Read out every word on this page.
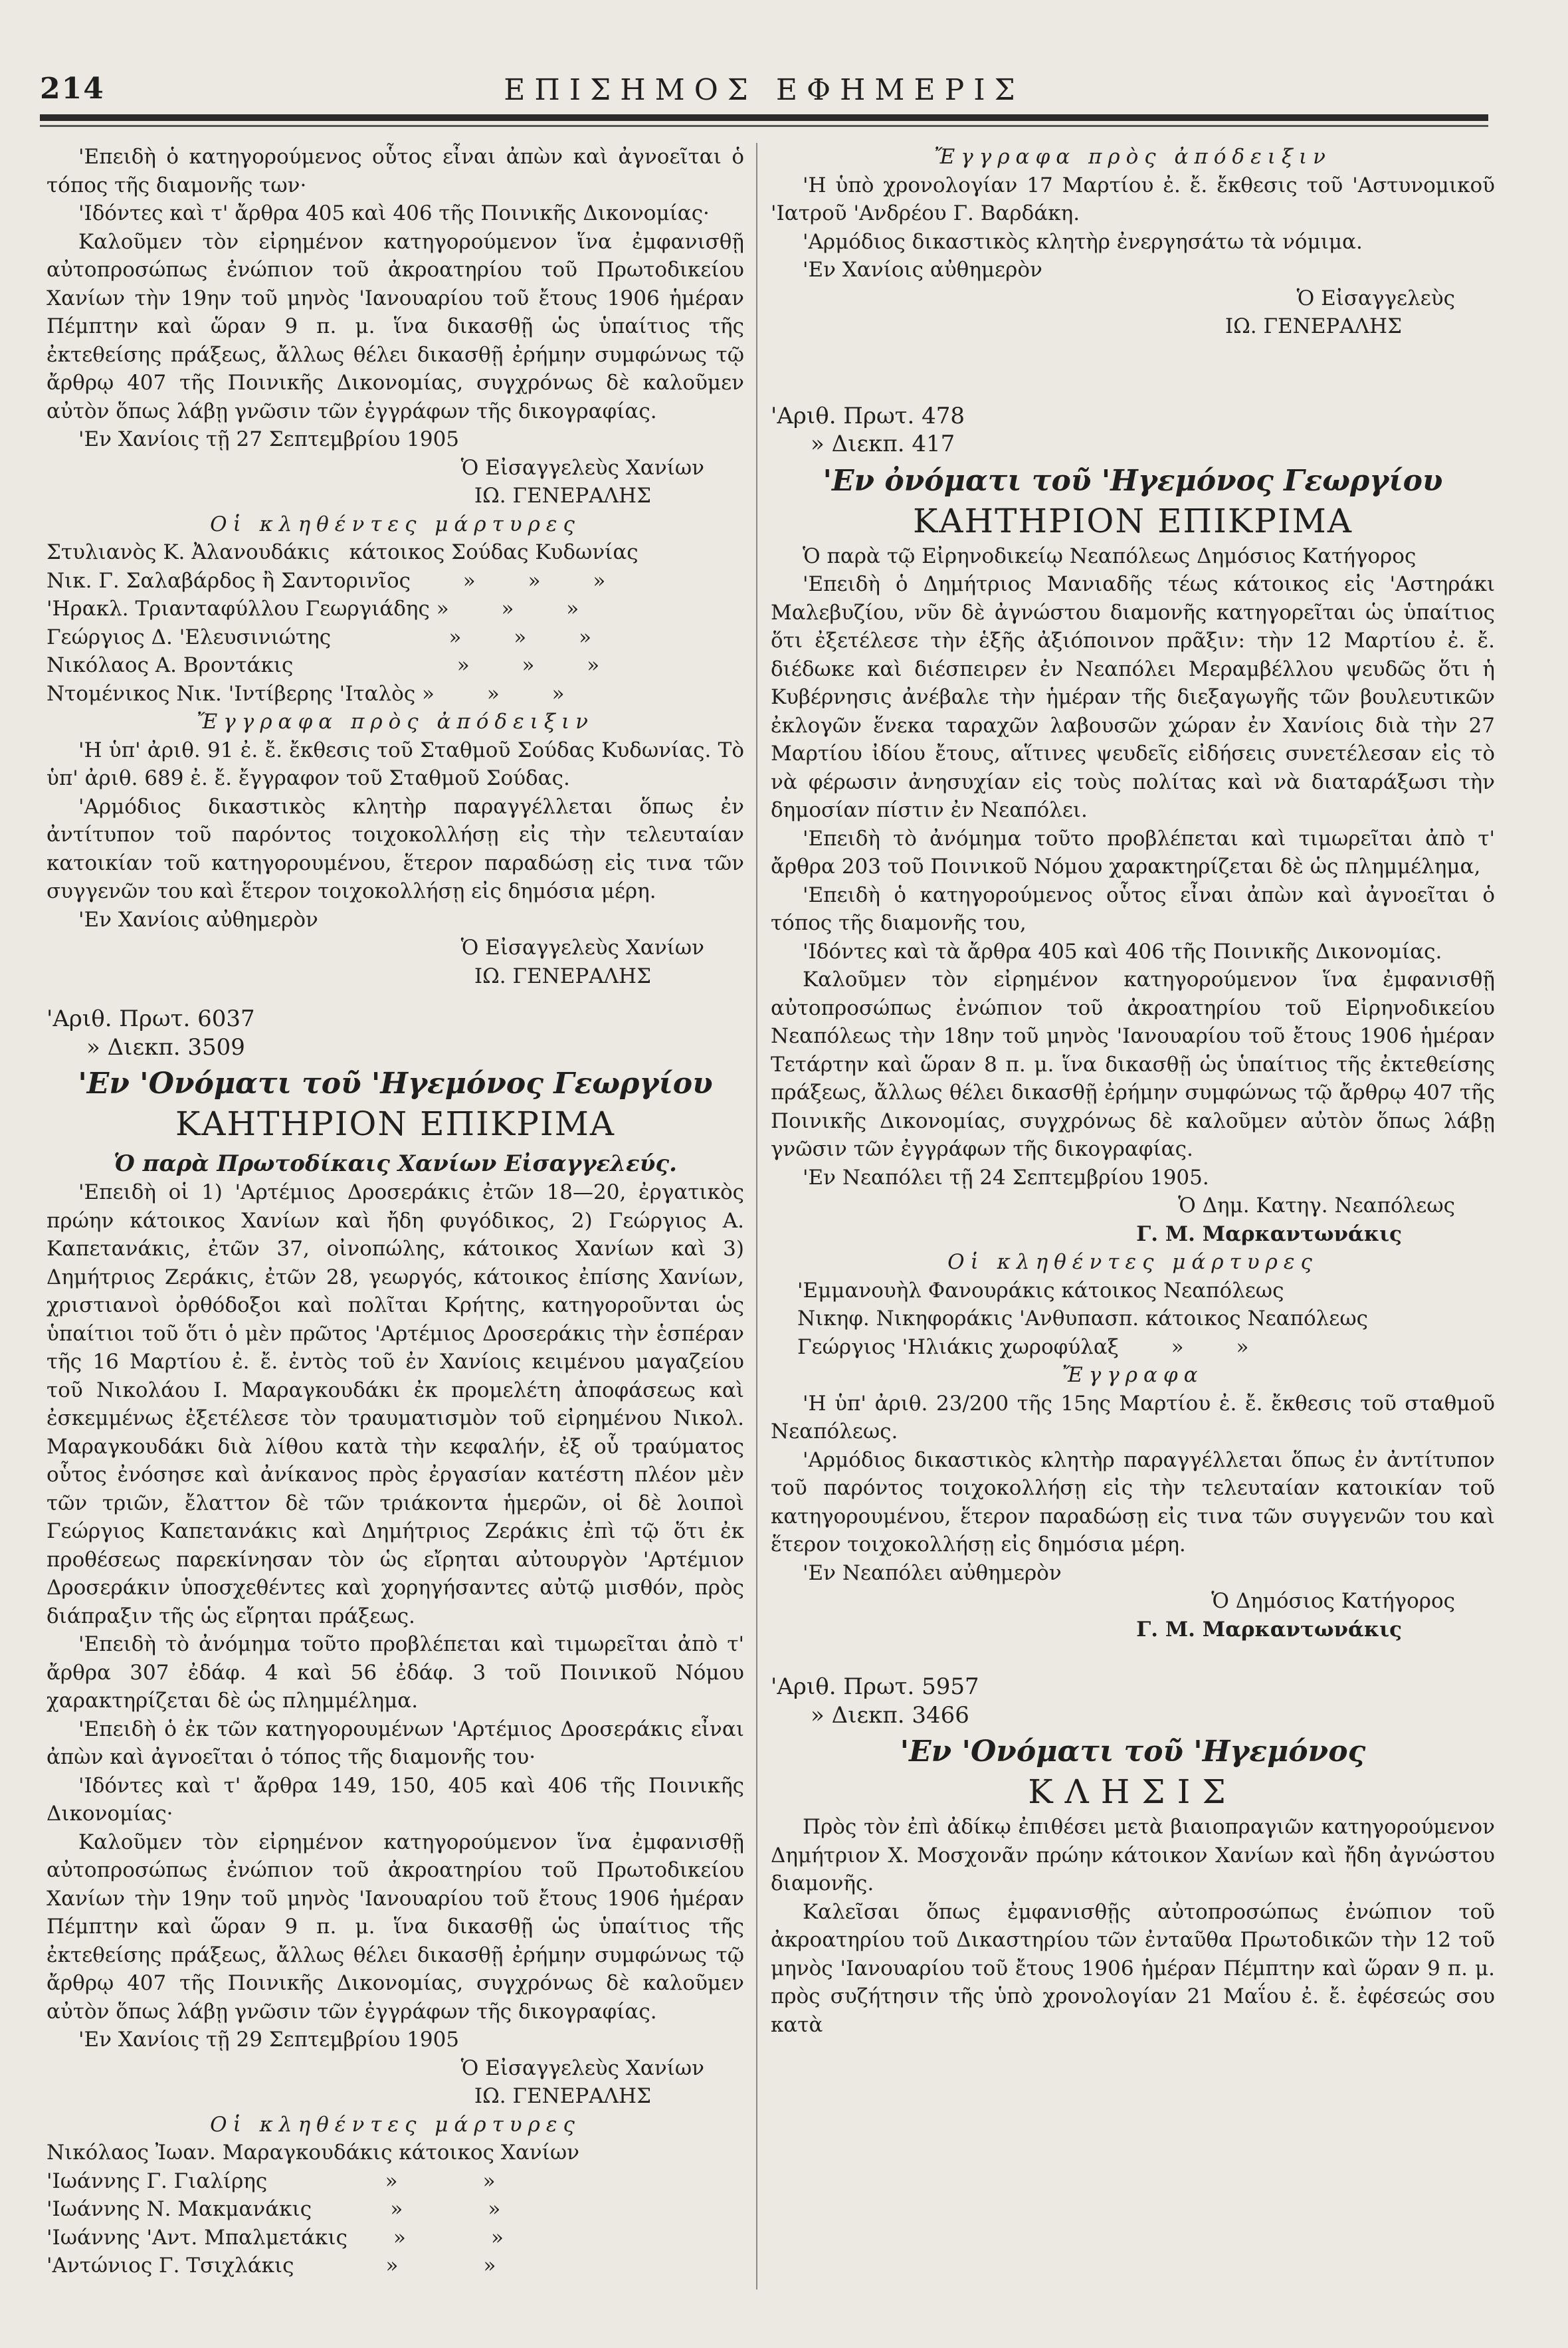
214	ΕΠΙΣΗΜΟΣ ΕΦΗΜΕΡΙΣ

'Επειδὴ ὁ κατηγορούμενος οὗτος εἶναι ἀπὼν καὶ ἀγνοεῖται ὁ τόπος τῆς διαμονῆς των·

'Ιδόντες καὶ τ' ἄρθρα 405 καὶ 406 τῆς Ποινικῆς Δικονομίας·

Καλοῦμεν τὸν εἰρημένον κατηγορούμενον ἵνα ἐμφανισθῇ αὐτοπροσώπως ἐνώπιον τοῦ ἀκροατηρίου τοῦ Πρωτοδικείου Χανίων τὴν 19ην τοῦ μηνὸς 'Ιανουαρίου τοῦ ἔτους 1906 ἡμέραν Πέμπτην καὶ ὥραν 9 π. μ. ἵνα δικασθῇ ὡς ὑπαίτιος τῆς ἐκτεθείσης πράξεως, ἄλλως θέλει δικασθῇ ἐρήμην συμφώνως τῷ ἄρθρῳ 407 τῆς Ποινικῆς Δικονομίας, συγχρόνως δὲ καλοῦμεν αὐτὸν ὅπως λάβῃ γνῶσιν τῶν ἐγγράφων τῆς δικογραφίας.

'Εν Χανίοις τῇ 27 Σεπτεμβρίου 1905

Ὁ Εἰσαγγελεὺς Χανίων

ΙΩ. ΓΕΝΕΡΑΛΗΣ

Οἱ κληθέντες μάρτυρες

Στυλιανὸς Κ. Ἀλανουδάκις   κάτοικος Σούδας Κυδωνίας

Νικ. Γ. Σαλαβάρδος ἢ Σαντορινῖος        »        »        »

'Ηρακλ. Τριανταφύλλου Γεωργιάδης »        »        »

Γεώργιος Δ. 'Ελευσινιώτης                  »        »        »

Νικόλαος Α. Βροντάκις                         »        »        »

Ντομένικος Νικ. 'Ιντίβερης 'Ιταλὸς »        »        »

Ἔγγραφα πρὸς ἀπόδειξιν

'Η ὑπ' ἀριθ. 91 ἐ. ἔ. ἔκθεσις τοῦ Σταθμοῦ Σούδας Κυδωνίας. Τὸ ὑπ' ἀριθ. 689 ἐ. ἔ. ἔγγραφον τοῦ Σταθμοῦ Σούδας.

'Αρμόδιος δικαστικὸς κλητὴρ παραγγέλλεται ὅπως ἐν ἀντίτυπον τοῦ παρόντος τοιχοκολλήσῃ εἰς τὴν τελευταίαν κατοικίαν τοῦ κατηγορουμένου, ἕτερον παραδώσῃ εἰς τινα τῶν συγγενῶν του καὶ ἕτερον τοιχοκολλήσῃ εἰς δημόσια μέρη.

'Εν Χανίοις αὐθημερὸν

Ὁ Εἰσαγγελεὺς Χανίων

ΙΩ. ΓΕΝΕΡΑΛΗΣ

'Αριθ. Πρωτ. 6037

» Διεκπ. 3509

'Εν 'Ονόματι τοῦ 'Ηγεμόνος Γεωργίου

ΚΑΗΤΗΡΙΟΝ ΕΠΙΚΡΙΜΑ

Ὁ παρὰ Πρωτοδίκαις Χανίων Εἰσαγγελεύς.

'Επειδὴ οἱ 1) 'Αρτέμιος Δροσεράκις ἐτῶν 18—20, ἐργατικὸς πρώην κάτοικος Χανίων καὶ ἤδη φυγόδικος, 2) Γεώργιος Α. Καπετανάκις, ἐτῶν 37, οἰνοπώλης, κάτοικος Χανίων καὶ 3) Δημήτριος Ζεράκις, ἐτῶν 28, γεωργός, κάτοικος ἐπίσης Χανίων, χριστιανοὶ ὀρθόδοξοι καὶ πολῖται Κρήτης, κατηγοροῦνται ὡς ὑπαίτιοι τοῦ ὅτι ὁ μὲν πρῶτος 'Αρτέμιος Δροσεράκις τὴν ἑσπέραν τῆς 16 Μαρτίου ἐ. ἔ. ἐντὸς τοῦ ἐν Χανίοις κειμένου μαγαζείου τοῦ Νικολάου Ι. Μαραγκουδάκι ἐκ προμελέτη ἀποφάσεως καὶ ἐσκεμμένως ἐξετέλεσε τὸν τραυματισμὸν τοῦ εἰρημένου Νικολ. Μαραγκουδάκι διὰ λίθου κατὰ τὴν κεφαλήν, ἐξ οὗ τραύματος οὗτος ἐνόσησε καὶ ἀνίκανος πρὸς ἐργασίαν κατέστη πλέον μὲν τῶν τριῶν, ἔλαττον δὲ τῶν τριάκοντα ἡμερῶν, οἱ δὲ λοιποὶ Γεώργιος Καπετανάκις καὶ Δημήτριος Ζεράκις ἐπὶ τῷ ὅτι ἐκ προθέσεως παρεκίνησαν τὸν ὡς εἴρηται αὐτουργὸν 'Αρτέμιον Δροσεράκιν ὑποσχεθέντες καὶ χορηγήσαντες αὐτῷ μισθόν, πρὸς διάπραξιν τῆς ὡς εἴρηται πράξεως.

'Επειδὴ τὸ ἀνόμημα τοῦτο προβλέπεται καὶ τιμωρεῖται ἀπὸ τ' ἄρθρα 307 ἐδάφ. 4 καὶ 56 ἐδάφ. 3 τοῦ Ποινικοῦ Νόμου χαρακτηρίζεται δὲ ὡς πλημμέλημα.

'Επειδὴ ὁ ἐκ τῶν κατηγορουμένων 'Αρτέμιος Δροσεράκις εἶναι ἀπὼν καὶ ἀγνοεῖται ὁ τόπος τῆς διαμονῆς του·

'Ιδόντες καὶ τ' ἄρθρα 149, 150, 405 καὶ 406 τῆς Ποινικῆς Δικονομίας·

Καλοῦμεν τὸν εἰρημένον κατηγορούμενον ἵνα ἐμφανισθῇ αὐτοπροσώπως ἐνώπιον τοῦ ἀκροατηρίου τοῦ Πρωτοδικείου Χανίων τὴν 19ην τοῦ μηνὸς 'Ιανουαρίου τοῦ ἔτους 1906 ἡμέραν Πέμπτην καὶ ὥραν 9 π. μ. ἵνα δικασθῇ ὡς ὑπαίτιος τῆς ἐκτεθείσης πράξεως, ἄλλως θέλει δικασθῇ ἐρήμην συμφώνως τῷ ἄρθρῳ 407 τῆς Ποινικῆς Δικονομίας, συγχρόνως δὲ καλοῦμεν αὐτὸν ὅπως λάβῃ γνῶσιν τῶν ἐγγράφων τῆς δικογραφίας.

'Εν Χανίοις τῇ 29 Σεπτεμβρίου 1905

Ὁ Εἰσαγγελεὺς Χανίων

ΙΩ. ΓΕΝΕΡΑΛΗΣ

Οἱ κληθέντες μάρτυρες

Νικόλαος Ἰωαν. Μαραγκουδάκις κάτοικος Χανίων

'Ιωάννης Γ. Γιαλίρης                  »             »

'Ιωάννης Ν. Μακμανάκις            »             »

'Ιωάννης 'Αντ. Μπαλμετάκις       »             »

'Αντώνιος Γ. Τσιχλάκις              »             »

Ἔγγραφα πρὸς ἀπόδειξιν

'Η ὑπὸ χρονολογίαν 17 Μαρτίου ἐ. ἔ. ἔκθεσις τοῦ 'Αστυνομικοῦ 'Ιατροῦ 'Ανδρέου Γ. Βαρδάκη.

'Αρμόδιος δικαστικὸς κλητὴρ ἐνεργησάτω τὰ νόμιμα.

'Εν Χανίοις αὐθημερὸν

Ὁ Εἰσαγγελεὺς

ΙΩ. ΓΕΝΕΡΑΛΗΣ

'Αριθ. Πρωτ. 478

» Διεκπ. 417

'Εν ὀνόματι τοῦ 'Ηγεμόνος Γεωργίου

ΚΑΗΤΗΡΙΟΝ ΕΠΙΚΡΙΜΑ

Ὁ παρὰ τῷ Εἰρηνοδικείῳ Νεαπόλεως Δημόσιος Κατήγορος

'Επειδὴ ὁ Δημήτριος Μανιαδῆς τέως κάτοικος εἰς 'Αστηράκι Μαλεβυζίου, νῦν δὲ ἀγνώστου διαμονῆς κατηγορεῖται ὡς ὑπαίτιος ὅτι ἐξετέλεσε τὴν ἑξῆς ἀξιόποινον πρᾶξιν: τὴν 12 Μαρτίου ἐ. ἔ. διέδωκε καὶ διέσπειρεν ἐν Νεαπόλει Μεραμβέλλου ψευδῶς ὅτι ἡ Κυβέρνησις ἀνέβαλε τὴν ἡμέραν τῆς διεξαγωγῆς τῶν βουλευτικῶν ἐκλογῶν ἕνεκα ταραχῶν λαβουσῶν χώραν ἐν Χανίοις διὰ τὴν 27 Μαρτίου ἰδίου ἔτους, αἵτινες ψευδεῖς εἰδήσεις συνετέλεσαν εἰς τὸ νὰ φέρωσιν ἀνησυχίαν εἰς τοὺς πολίτας καὶ νὰ διαταράξωσι τὴν δημοσίαν πίστιν ἐν Νεαπόλει.

'Επειδὴ τὸ ἀνόμημα τοῦτο προβλέπεται καὶ τιμωρεῖται ἀπὸ τ' ἄρθρα 203 τοῦ Ποινικοῦ Νόμου χαρακτηρίζεται δὲ ὡς πλημμέλημα,

'Επειδὴ ὁ κατηγορούμενος οὗτος εἶναι ἀπὼν καὶ ἀγνοεῖται ὁ τόπος τῆς διαμονῆς του,

'Ιδόντες καὶ τὰ ἄρθρα 405 καὶ 406 τῆς Ποινικῆς Δικονομίας.

Καλοῦμεν τὸν εἰρημένον κατηγορούμενον ἵνα ἐμφανισθῇ αὐτοπροσώπως ἐνώπιον τοῦ ἀκροατηρίου τοῦ Εἰρηνοδικείου Νεαπόλεως τὴν 18ην τοῦ μηνὸς 'Ιανουαρίου τοῦ ἔτους 1906 ἡμέραν Τετάρτην καὶ ὥραν 8 π. μ. ἵνα δικασθῇ ὡς ὑπαίτιος τῆς ἐκτεθείσης πράξεως, ἄλλως θέλει δικασθῇ ἐρήμην συμφώνως τῷ ἄρθρῳ 407 τῆς Ποινικῆς Δικονομίας, συγχρόνως δὲ καλοῦμεν αὐτὸν ὅπως λάβῃ γνῶσιν τῶν ἐγγράφων τῆς δικογραφίας.

'Εν Νεαπόλει τῇ 24 Σεπτεμβρίου 1905.

Ὁ Δημ. Κατηγ. Νεαπόλεως

Γ. Μ. Μαρκαντωνάκις

Οἱ κληθέντες μάρτυρες

'Εμμανουὴλ Φανουράκις κάτοικος Νεαπόλεως

Νικηφ. Νικηφοράκις 'Ανθυπασπ. κάτοικος Νεαπόλεως

Γεώργιος 'Ηλιάκις χωροφύλαξ        »        »

Ἔγγραφα

'Η ὑπ' ἀριθ. 23/200 τῆς 15ης Μαρτίου ἐ. ἔ. ἔκθεσις τοῦ σταθμοῦ Νεαπόλεως.

'Αρμόδιος δικαστικὸς κλητὴρ παραγγέλλεται ὅπως ἐν ἀντίτυπον τοῦ παρόντος τοιχοκολλήσῃ εἰς τὴν τελευταίαν κατοικίαν τοῦ κατηγορουμένου, ἕτερον παραδώσῃ εἰς τινα τῶν συγγενῶν του καὶ ἕτερον τοιχοκολλήσῃ εἰς δημόσια μέρη.

'Εν Νεαπόλει αὐθημερὸν

Ὁ Δημόσιος Κατήγορος

Γ. Μ. Μαρκαντωνάκις

'Αριθ. Πρωτ. 5957

» Διεκπ. 3466

'Εν 'Ονόματι τοῦ 'Ηγεμόνος

ΚΛΗΣΙΣ

Πρὸς τὸν ἐπὶ ἀδίκῳ ἐπιθέσει μετὰ βιαιοπραγιῶν κατηγορούμενον Δημήτριον Χ. Μοσχονᾶν πρώην κάτοικον Χανίων καὶ ἤδη ἀγνώστου διαμονῆς.

Καλεῖσαι ὅπως ἐμφανισθῇς αὐτοπροσώπως ἐνώπιον τοῦ ἀκροατηρίου τοῦ Δικαστηρίου τῶν ἐνταῦθα Πρωτοδικῶν τὴν 12 τοῦ μηνὸς 'Ιανουαρίου τοῦ ἔτους 1906 ἡμέραν Πέμπτην καὶ ὥραν 9 π. μ. πρὸς συζήτησιν τῆς ὑπὸ χρονολογίαν 21 Μαΐου ἐ. ἔ. ἐφέσεώς σου κατὰ
